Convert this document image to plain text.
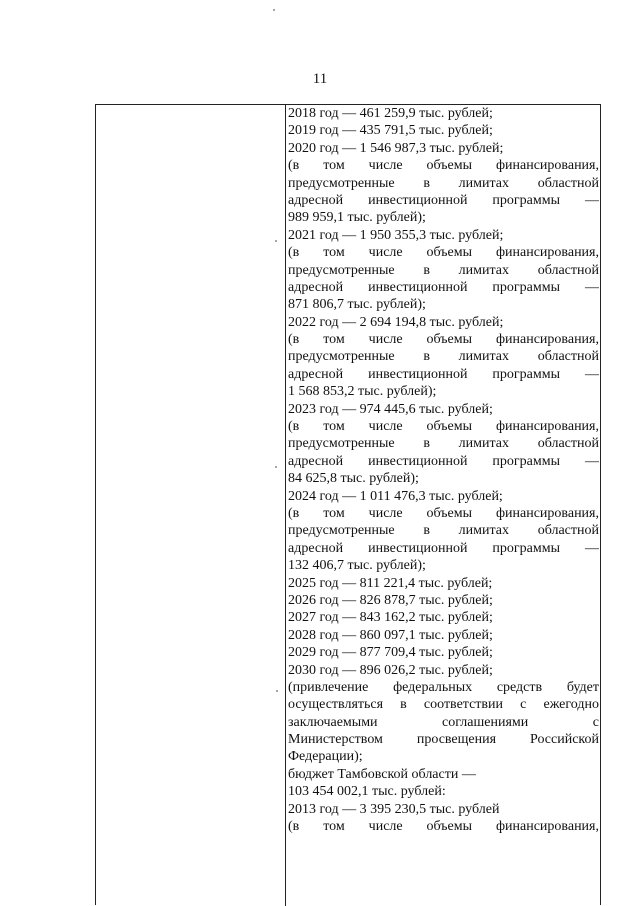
11
2018 год — 461 259,9 тыс. рублей;
2019 год — 435 791,5 тыс. рублей;
2020 год — 1 546 987,3 тыс. рублей;
(в том числе объемы финансирования,
предусмотренные в лимитах областной
адресной инвестиционной программы —
989 959,1 тыс. рублей);
2021 год — 1 950 355,3 тыс. рублей;
(в том числе объемы финансирования,
предусмотренные в лимитах областной
адресной инвестиционной программы —
871 806,7 тыс. рублей);
2022 год — 2 694 194,8 тыс. рублей;
(в том числе объемы финансирования,
предусмотренные в лимитах областной
адресной инвестиционной программы —
1 568 853,2 тыс. рублей);
2023 год — 974 445,6 тыс. рублей;
(в том числе объемы финансирования,
предусмотренные в лимитах областной
адресной инвестиционной программы —
84 625,8 тыс. рублей);
2024 год — 1 011 476,3 тыс. рублей;
(в том числе объемы финансирования,
предусмотренные в лимитах областной
адресной инвестиционной программы —
132 406,7 тыс. рублей);
2025 год — 811 221,4 тыс. рублей;
2026 год — 826 878,7 тыс. рублей;
2027 год — 843 162,2 тыс. рублей;
2028 год — 860 097,1 тыс. рублей;
2029 год — 877 709,4 тыс. рублей;
2030 год — 896 026,2 тыс. рублей;
(привлечение федеральных средств будет
осуществляться в соответствии с ежегодно
заключаемыми соглашениями с
Министерством просвещения Российской
Федерации);
бюджет Тамбовской области —
103 454 002,1 тыс. рублей:
2013 год — 3 395 230,5 тыс. рублей
(в том числе объемы финансирования,
